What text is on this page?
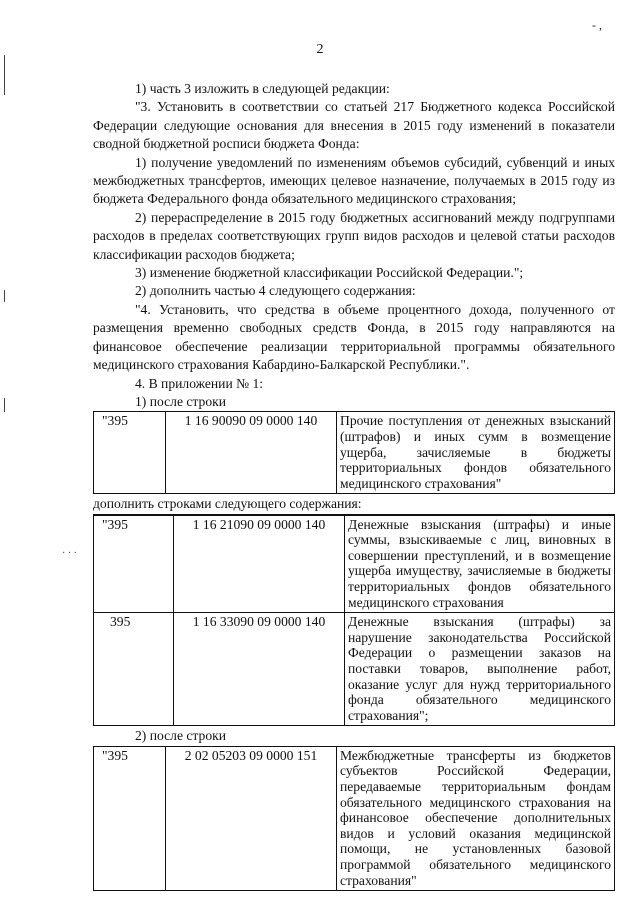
2
- ,
· · ·

1) часть 3 изложить в следующей редакции:

"3. Установить в соответствии со статьей 217 Бюджетного кодекса Российской Федерации следующие основания для внесения в 2015 году изменений в показатели сводной бюджетной росписи бюджета Фонда:

1) получение уведомлений по изменениям объемов субсидий, субвенций и иных межбюджетных трансфертов, имеющих целевое назначение, получаемых в 2015 году из бюджета Федерального фонда обязательного медицинского страхования;

2) перераспределение в 2015 году бюджетных ассигнований между подгруппами расходов в пределах соответствующих групп видов расходов и целевой статьи расходов классификации расходов бюджета;

3) изменение бюджетной классификации Российской Федерации.";

2) дополнить частью 4 следующего содержания:

"4. Установить, что средства в объеме процентного дохода, полученного от размещения временно свободных средств Фонда, в 2015 году направляются на финансовое обеспечение реализации территориальной программы обязательного медицинского страхования Кабардино-Балкарской Республики.".

4. В приложении № 1:

1) после строки

"395	1 16 90090 09 0000 140	Прочие поступления от денежных взысканий (штрафов) и иных сумм в возмещение ущерба, зачисляемые в бюджеты территориальных фондов обязательного медицинского страхования"

дополнить строками следующего содержания:

"395	1 16 21090 09 0000 140	Денежные взыскания (штрафы) и иные суммы, взыскиваемые с лиц, виновных в совершении преступлений, и в возмещение ущерба имуществу, зачисляемые в бюджеты территориальных фондов обязательного медицинского страхования
395	1 16 33090 09 0000 140	Денежные взыскания (штрафы) за нарушение законодательства Российской Федерации о размещении заказов на поставки товаров, выполнение работ, оказание услуг для нужд территориального фонда обязательного медицинского страхования";

2) после строки

"395	2 02 05203 09 0000 151	Межбюджетные трансферты из бюджетов субъектов Российской Федерации, передаваемые территориальным фондам обязательного медицинского страхования на финансовое обеспечение дополнительных видов и условий оказания медицинской помощи, не установленных базовой программой обязательного медицинского страхования"
